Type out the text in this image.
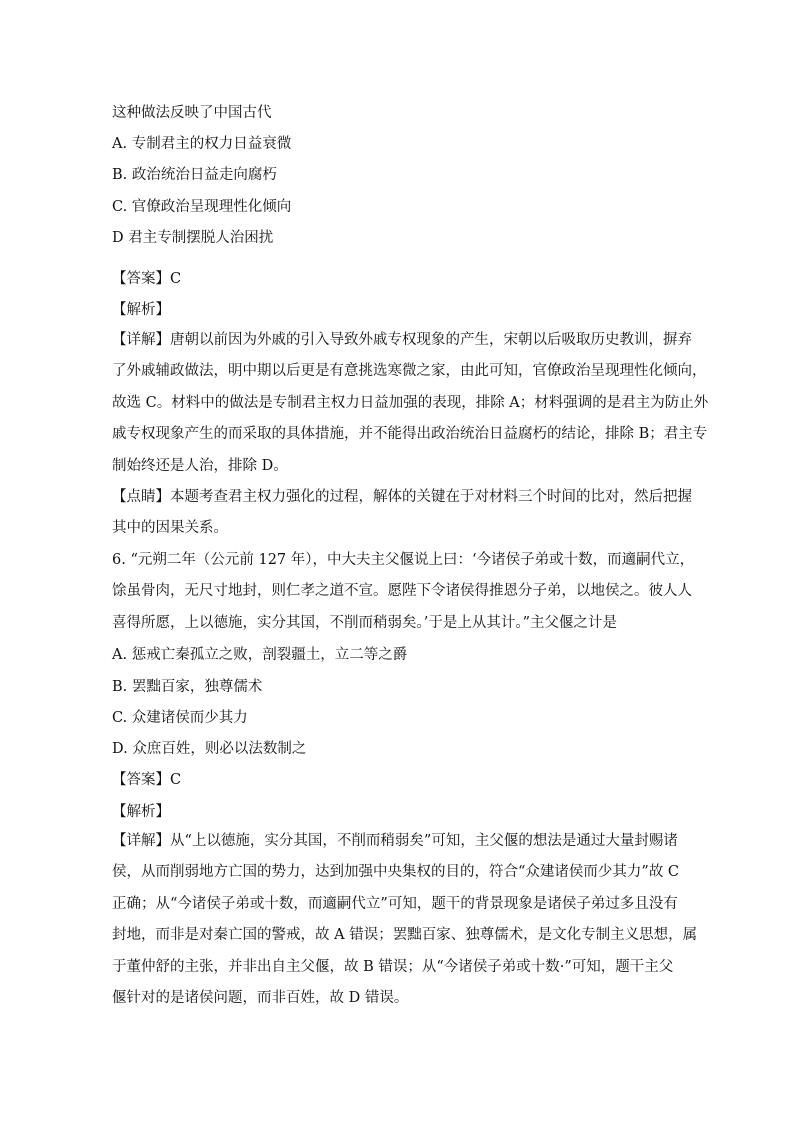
这种做法反映了中国古代
A. 专制君主的权力日益衰微
B. 政治统治日益走向腐朽
C. 官僚政治呈现理性化倾向
D 君主专制摆脱人治困扰
【答案】C
【解析】
【详解】唐朝以前因为外戚的引入导致外戚专权现象的产生，宋朝以后吸取历史教训，摒弃
了外戚辅政做法，明中期以后更是有意挑选寒微之家，由此可知，官僚政治呈现理性化倾向，
故选 C。材料中的做法是专制君主权力日益加强的表现，排除 A；材料强调的是君主为防止外
戚专权现象产生的而采取的具体措施，并不能得出政治统治日益腐朽的结论，排除 B；君主专
制始终还是人治，排除 D。
【点睛】本题考查君主权力强化的过程，解体的关键在于对材料三个时间的比对，然后把握
其中的因果关系。
6. “元朔二年（公元前 127 年），中大夫主父偃说上曰：‘今诸侯子弟或十数，而適嗣代立，
馀虽骨肉，无尺寸地封，则仁孝之道不宣。愿陛下令诸侯得推恩分子弟，以地侯之。彼人人
喜得所愿，上以德施，实分其国，不削而稍弱矣。’于是上从其计。”主父偃之计是
A. 惩戒亡秦孤立之败，剖裂疆土，立二等之爵
B. 罢黜百家，独尊儒术
C. 众建诸侯而少其力
D. 众庶百姓，则必以法数制之
【答案】C
【解析】
【详解】从“上以德施，实分其国，不削而稍弱矣”可知，主父偃的想法是通过大量封赐诸
侯，从而削弱地方亡国的势力，达到加强中央集权的目的，符合“众建诸侯而少其力”故 C
正确；从“今诸侯子弟或十数，而適嗣代立”可知，题干的背景现象是诸侯子弟过多且没有
封地，而非是对秦亡国的警戒，故 A 错误；罢黜百家、独尊儒术，是文化专制主义思想，属
于董仲舒的主张，并非出自主父偃，故 B 错误；从“今诸侯子弟或十数·”可知，题干主父
偃针对的是诸侯问题，而非百姓，故 D 错误。
